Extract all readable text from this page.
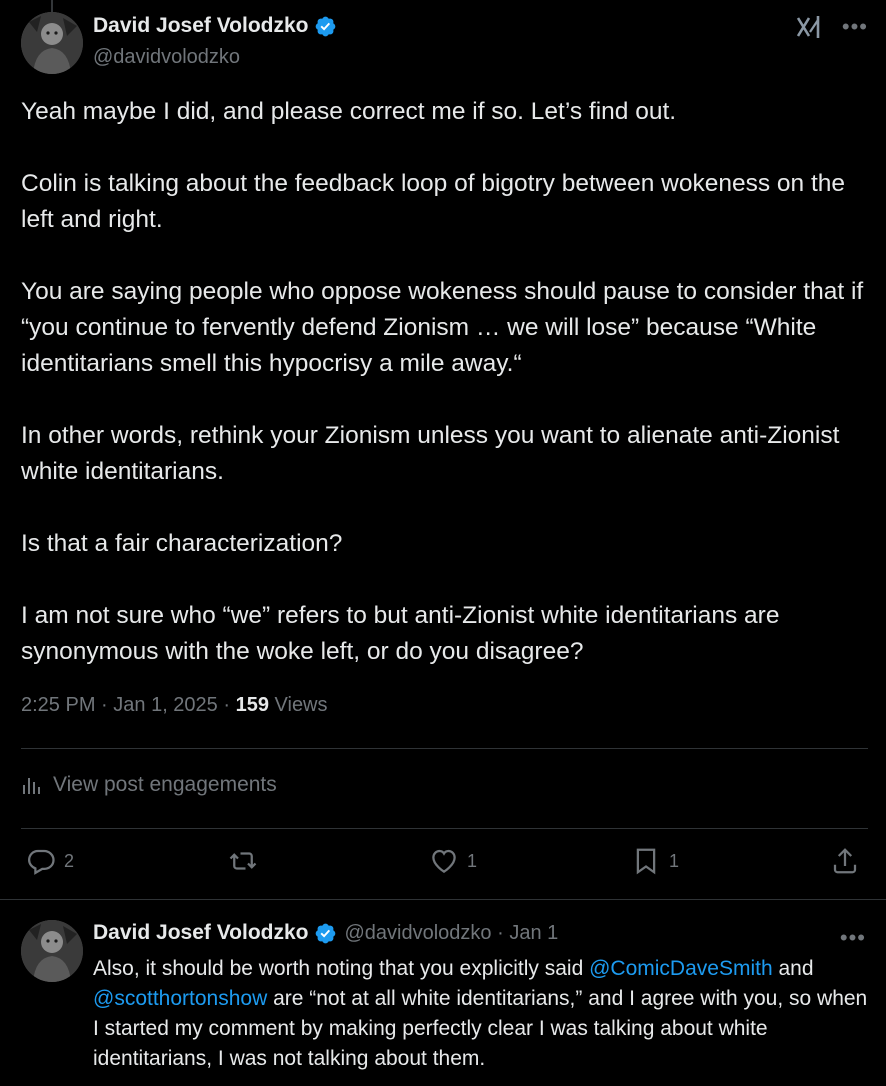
David Josef Volodzko
@davidvolodzko
•••

Yeah maybe I did, and please correct me if so. Let’s find out.

Colin is talking about the feedback loop of bigotry between wokeness on the left and right.

You are saying people who oppose wokeness should pause to consider that if “you continue to fervently defend Zionism … we will lose” because “White identitarians smell this hypocrisy a mile away.“

In other words, rethink your Zionism unless you want to alienate anti-Zionist white identitarians.

Is that a fair characterization?

I am not sure who “we” refers to but anti-Zionist white identitarians are synonymous with the woke left, or do you disagree?

2:25 PM · Jan 1, 2025 · 159 Views
View post engagements
2	1	1
David Josef Volodzko @davidvolodzko · Jan 1	•••
Also, it should be worth noting that you explicitly said @ComicDaveSmith and @scotthortonshow are “not at all white identitarians,” and I agree with you, so when I started my comment by making perfectly clear I was talking about white identitarians, I was not talking about them.
